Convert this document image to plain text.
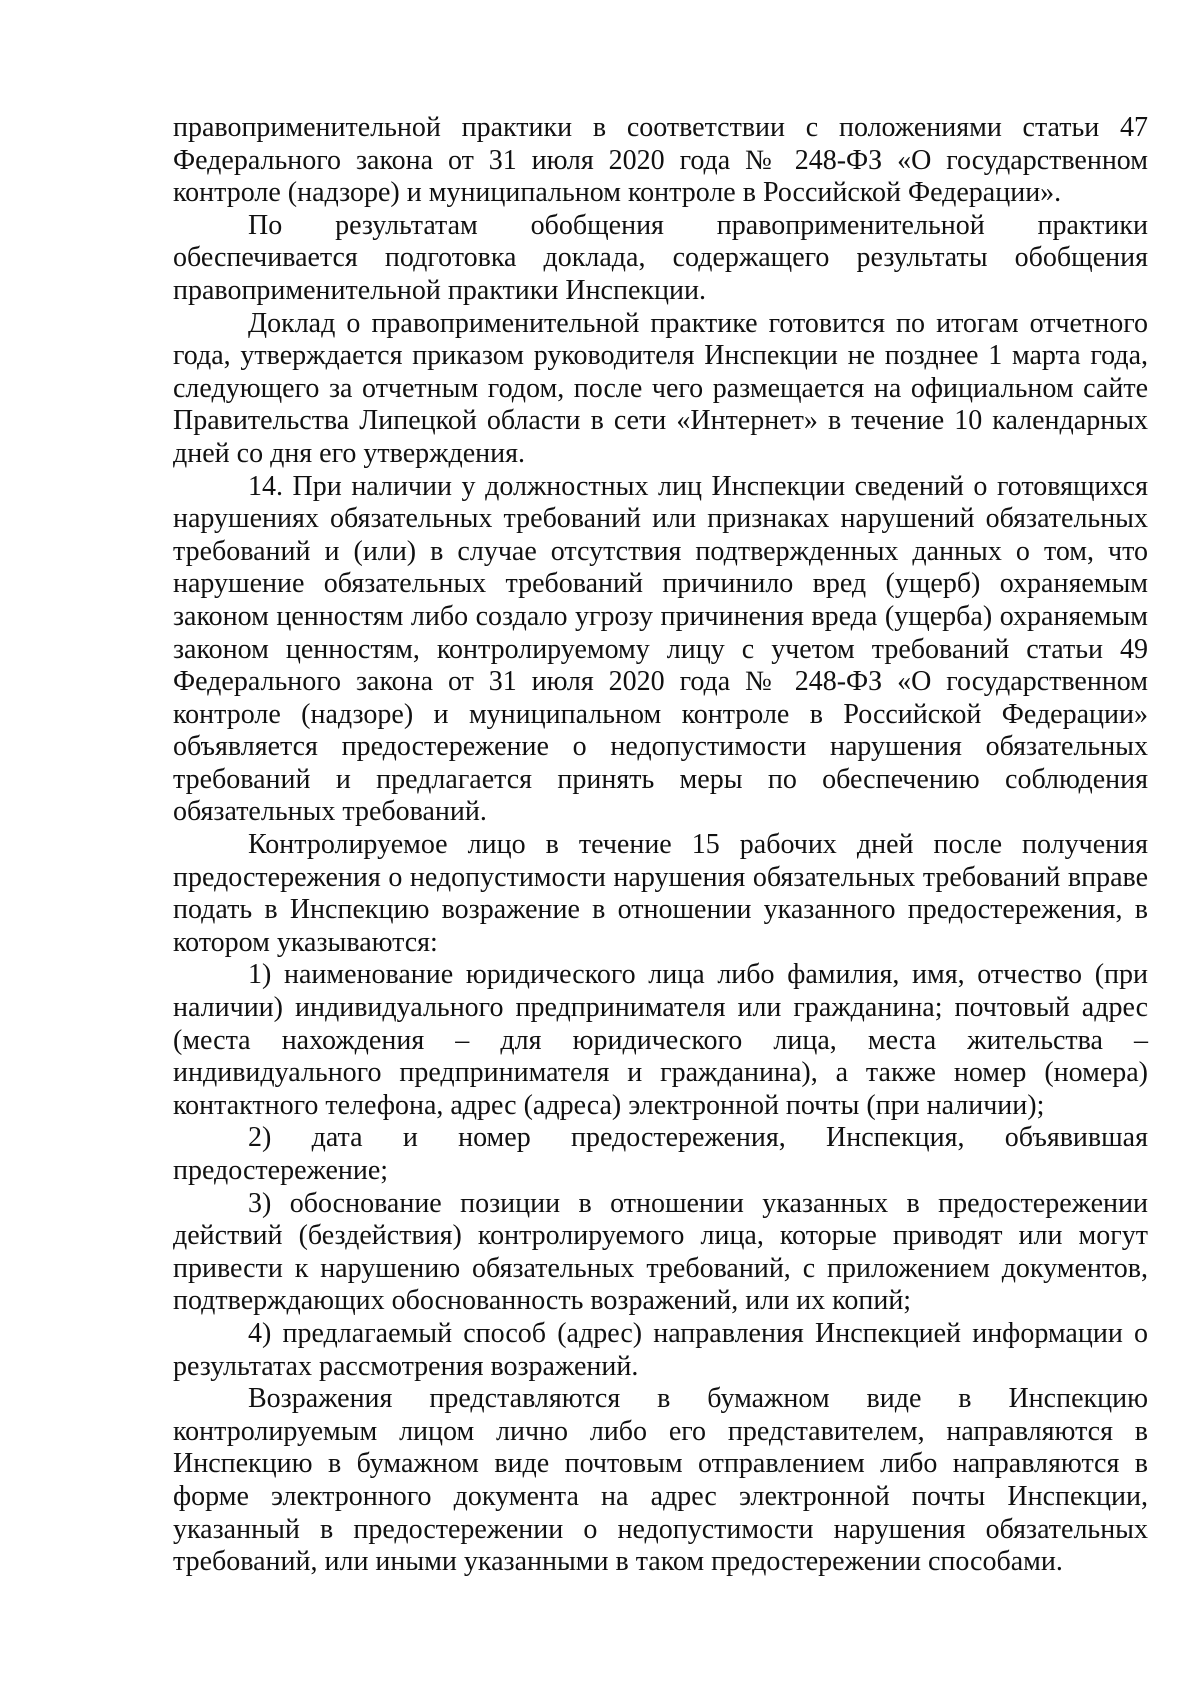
правоприменительной практики в соответствии с положениями статьи 47 Федерального закона от 31 июля 2020 года № 248-ФЗ «О государственном контроле (надзоре) и муниципальном контроле в Российской Федерации».

По результатам обобщения правоприменительной практики обеспечивается подготовка доклада, содержащего результаты обобщения правоприменительной практики Инспекции.

Доклад о правоприменительной практике готовится по итогам отчетного года, утверждается приказом руководителя Инспекции не позднее 1 марта года, следующего за отчетным годом, после чего размещается на официальном сайте Правительства Липецкой области в сети «Интернет» в течение 10 календарных дней со дня его утверждения.

14. При наличии у должностных лиц Инспекции сведений о готовящихся нарушениях обязательных требований или признаках нарушений обязательных требований и (или) в случае отсутствия подтвержденных данных о том, что нарушение обязательных требований причинило вред (ущерб) охраняемым законом ценностям либо создало угрозу причинения вреда (ущерба) охраняемым законом ценностям, контролируемому лицу с учетом требований статьи 49 Федерального закона от 31 июля 2020 года № 248-ФЗ «О государственном контроле (надзоре) и муниципальном контроле в Российской Федерации» объявляется предостережение о недопустимости нарушения обязательных требований и предлагается принять меры по обеспечению соблюдения обязательных требований.

Контролируемое лицо в течение 15 рабочих дней после получения предостережения о недопустимости нарушения обязательных требований вправе подать в Инспекцию возражение в отношении указанного предостережения, в котором указываются:

1) наименование юридического лица либо фамилия, имя, отчество (при наличии) индивидуального предпринимателя или гражданина; почтовый адрес (места нахождения – для юридического лица, места жительства – индивидуального предпринимателя и гражданина), а также номер (номера) контактного телефона, адрес (адреса) электронной почты (при наличии);

2) дата и номер предостережения, Инспекция, объявившая предостережение;

3) обоснование позиции в отношении указанных в предостережении действий (бездействия) контролируемого лица, которые приводят или могут привести к нарушению обязательных требований, с приложением документов, подтверждающих обоснованность возражений, или их копий;

4) предлагаемый способ (адрес) направления Инспекцией информации о результатах рассмотрения возражений.

Возражения представляются в бумажном виде в Инспекцию контролируемым лицом лично либо его представителем, направляются в Инспекцию в бумажном виде почтовым отправлением либо направляются в форме электронного документа на адрес электронной почты Инспекции, указанный в предостережении о недопустимости нарушения обязательных требований, или иными указанными в таком предостережении способами.
